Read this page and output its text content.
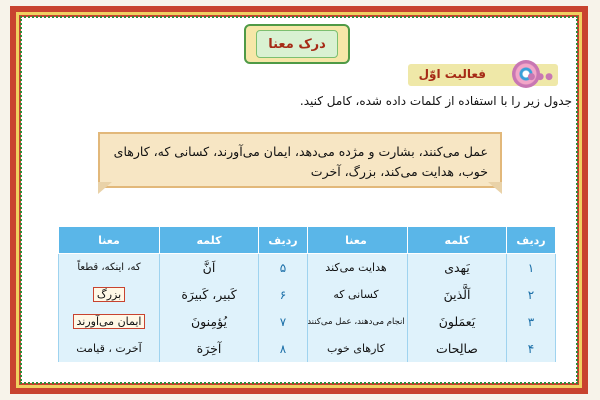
درک معنا
فعالیت اوّل	●●●
جدول زیر را با استفاده از کلمات داده شده، کامل کنید.
عمل می‌کنند، بشارت و مژده می‌دهد، ایمان می‌آورند، کسانی که، کارهای خوب، هدایت می‌کند، بزرگ، آخرت
ردیف	کلمه	معنا
۱	یَهدی	هدایت می‌کند
۲	اَلَّذینَ	کسانی که
۳	یَعمَلونَ	انجام می‌دهند، عمل می‌کنند
۴	صالِحات	کارهای خوب
ردیف	کلمه	معنا
۵	اَنَّ	که، اینکه، قطعاً
۶	کَبیر، کَبیرَة	بزرگ
۷	یُؤمِنونَ	ایمان می‌آورند
۸	آخِرَة	آخرت ، قیامت
